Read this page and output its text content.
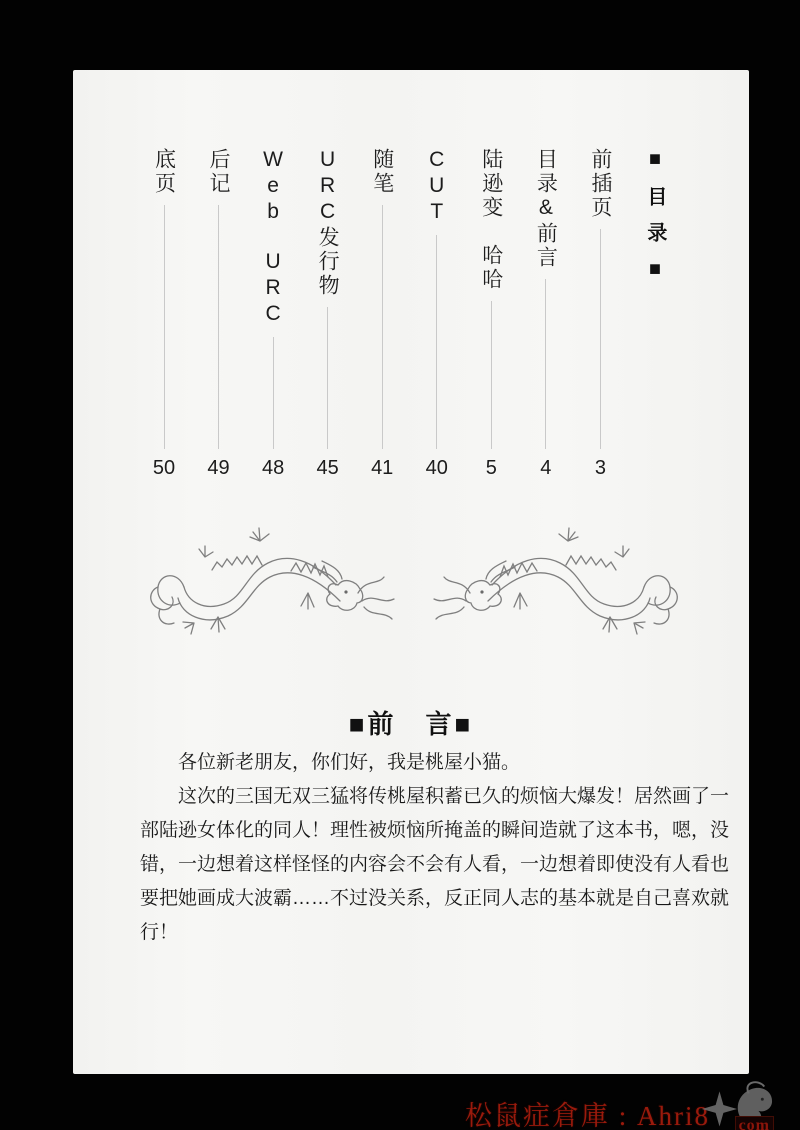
底页
50
后记
49
Web　URC
48
URC发行物
45
随笔
41
CUT
40
陆逊变　哈哈
5
目录&前言
4
前插页
3
■目录■
■前　言■

各位新老朋友，你们好，我是桃屋小猫。

这次的三国无双三猛将传桃屋积蓄已久的烦恼大爆发！居然画了一

部陆逊女体化的同人！理性被烦恼所掩盖的瞬间造就了这本书，嗯，没

错，一边想着这样怪怪的内容会不会有人看，一边想着即使没有人看也

要把她画成大波霸……不过没关系，反正同人志的基本就是自己喜欢就

行！

松鼠症倉庫 : Ahri8 com
